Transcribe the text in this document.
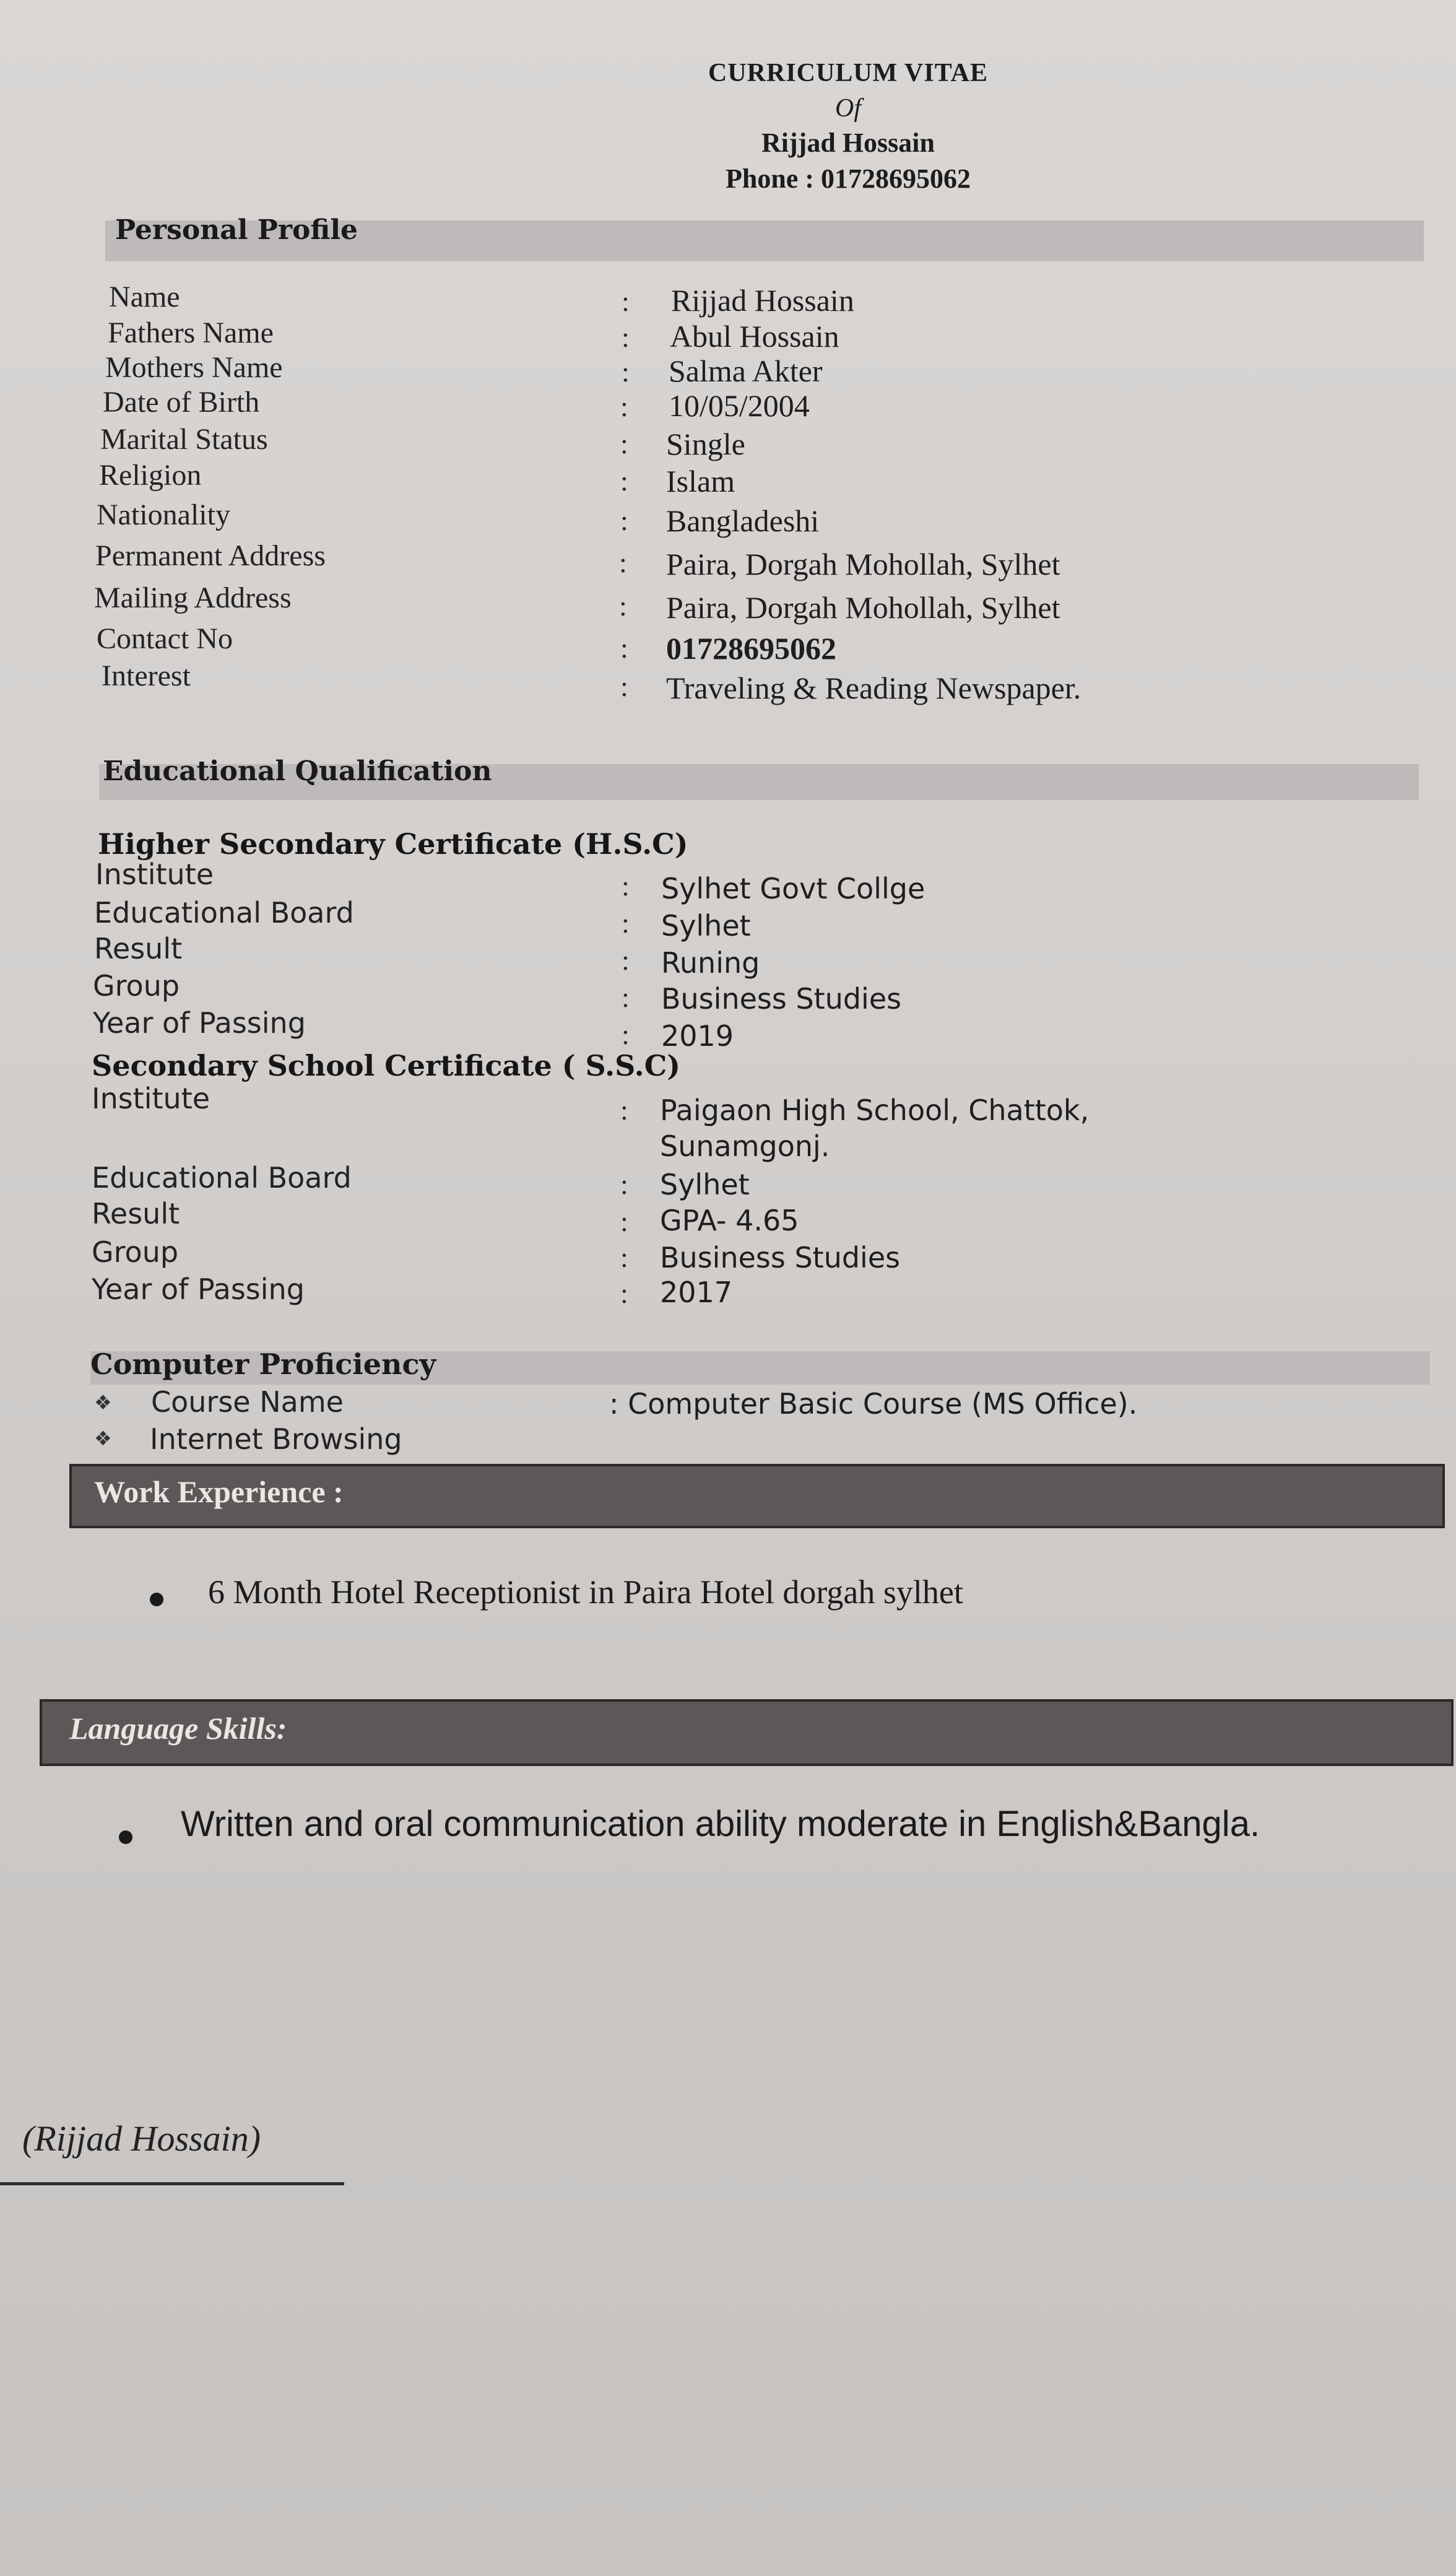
CURRICULUM VITAE
Of
Rijjad Hossain
Phone : 01728695062
Personal Profile
Name	: Rijjad Hossain
Fathers Name	: Abul Hossain
Mothers Name	: Salma Akter
Date of Birth	: 10/05/2004
Marital Status	: Single
Religion	: Islam
Nationality	: Bangladeshi
Permanent Address	: Paira, Dorgah Mohollah, Sylhet
Mailing Address	: Paira, Dorgah Mohollah, Sylhet
Contact No	: 01728695062
Interest	: Traveling & Reading Newspaper.
Educational Qualification
Higher Secondary Certificate (H.S.C)
Institute	: Sylhet Govt Collge
Educational Board	: Sylhet
Result	: Runing
Group	: Business Studies
Year of Passing	: 2019
Secondary School Certificate ( S.S.C)
Institute	: Paigaon High School, Chattok,
Sunamgonj.
Educational Board	: Sylhet
Result	: GPA- 4.65
Group	: Business Studies
Year of Passing	: 2017
Computer Proficiency
❖ Course Name	: Computer Basic Course (MS Office).
❖ Internet Browsing
Work Experience :
6 Month Hotel Receptionist in Paira Hotel dorgah sylhet
Language Skills:
Written and oral communication ability moderate in English&Bangla.
(Rijjad Hossain)
